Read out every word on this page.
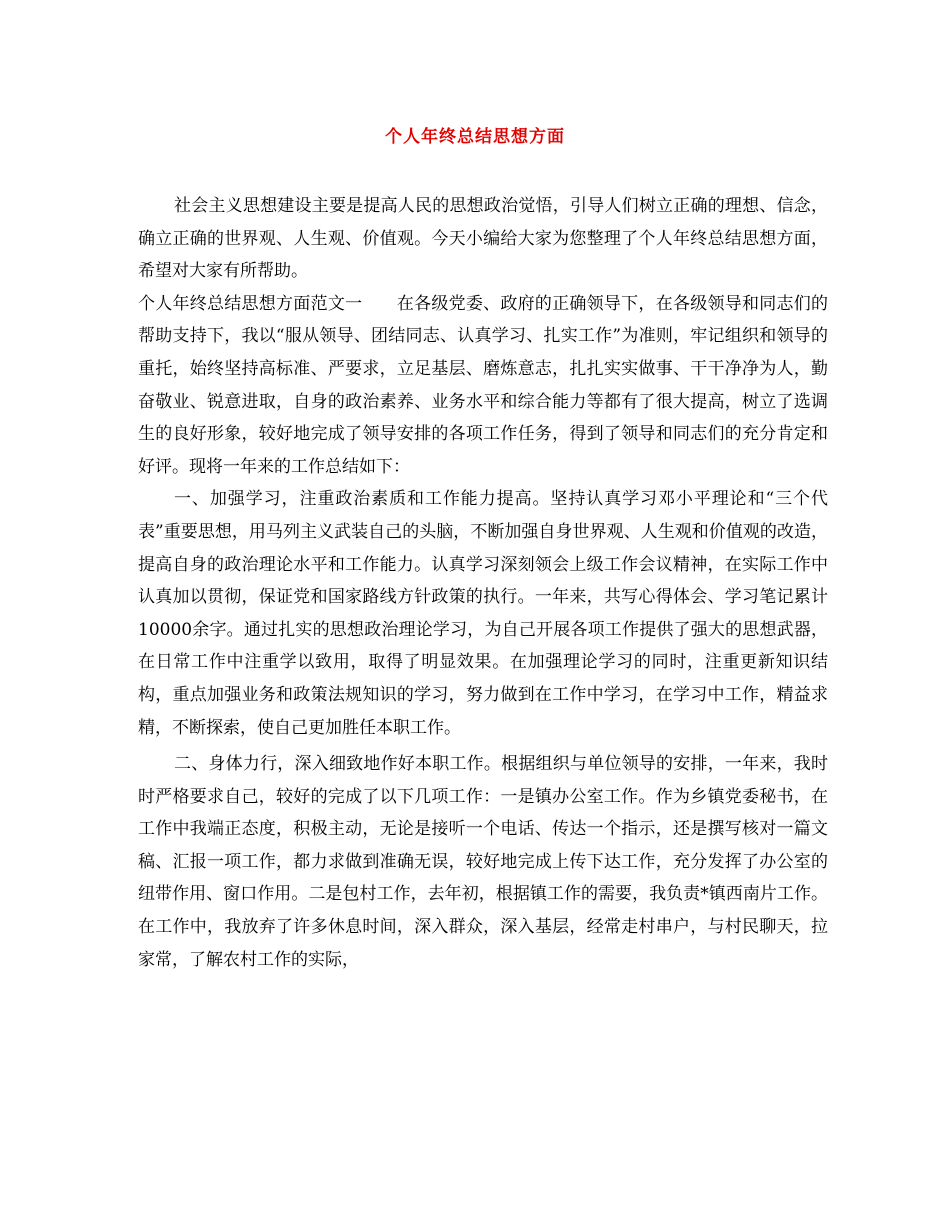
个人年终总结思想方面

社会主义思想建设主要是提高人民的思想政治觉悟，引导人们树立正确的理想、信念，确立正确的世界观、人生观、价值观。今天小编给大家为您整理了个人年终总结思想方面，希望对大家有所帮助。

个人年终总结思想方面范文一　　在各级党委、政府的正确领导下，在各级领导和同志们的帮助支持下，我以“服从领导、团结同志、认真学习、扎实工作”为准则，牢记组织和领导的重托，始终坚持高标准、严要求，立足基层、磨炼意志，扎扎实实做事、干干净净为人，勤奋敬业、锐意进取，自身的政治素养、业务水平和综合能力等都有了很大提高，树立了选调生的良好形象，较好地完成了领导安排的各项工作任务，得到了领导和同志们的充分肯定和好评。现将一年来的工作总结如下：

一、加强学习，注重政治素质和工作能力提高。坚持认真学习邓小平理论和“三个代表”重要思想，用马列主义武装自己的头脑，不断加强自身世界观、人生观和价值观的改造，提高自身的政治理论水平和工作能力。认真学习深刻领会上级工作会议精神，在实际工作中认真加以贯彻，保证党和国家路线方针政策的执行。一年来，共写心得体会、学习笔记累计10000余字。通过扎实的思想政治理论学习，为自己开展各项工作提供了强大的思想武器，在日常工作中注重学以致用，取得了明显效果。在加强理论学习的同时，注重更新知识结构，重点加强业务和政策法规知识的学习，努力做到在工作中学习，在学习中工作，精益求精，不断探索，使自己更加胜任本职工作。

二、身体力行，深入细致地作好本职工作。根据组织与单位领导的安排，一年来，我时时严格要求自己，较好的完成了以下几项工作：一是镇办公室工作。作为乡镇党委秘书，在工作中我端正态度，积极主动，无论是接听一个电话、传达一个指示，还是撰写核对一篇文稿、汇报一项工作，都力求做到准确无误，较好地完成上传下达工作，充分发挥了办公室的纽带作用、窗口作用。二是包村工作，去年初，根据镇工作的需要，我负责*镇西南片工作。在工作中，我放弃了许多休息时间，深入群众，深入基层，经常走村串户，与村民聊天，拉家常，了解农村工作的实际，
